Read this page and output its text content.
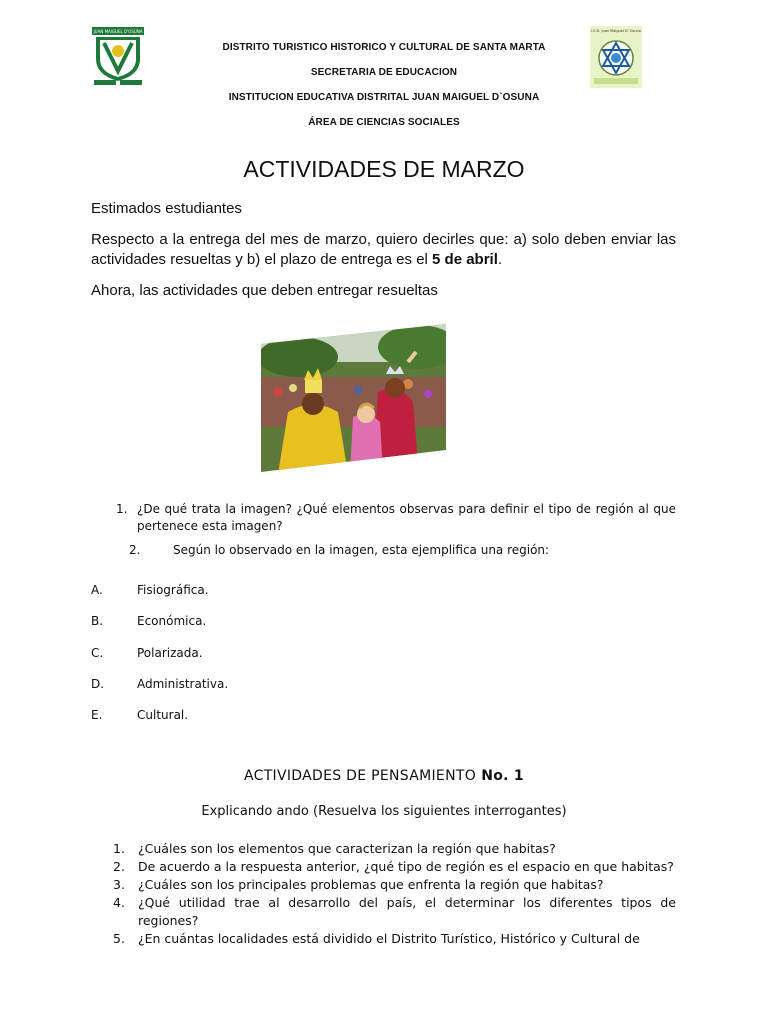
JUAN MAIGUEL D'OSUNA	I.E.D. Juan Maiguel D' Osuna
DISTRITO TURISTICO HISTORICO Y CULTURAL DE SANTA MARTA
SECRETARIA DE EDUCACION
INSTITUCION EDUCATIVA DISTRITAL JUAN MAIGUEL D`OSUNA
ÁREA DE CIENCIAS SOCIALES
ACTIVIDADES DE MARZO
Estimados estudiantes
Respecto a la entrega del mes de marzo, quiero decirles que: a) solo deben enviar las actividades resueltas y b) el plazo de entrega es el 5 de abril.
Ahora, las actividades que deben entregar resueltas
1. ¿De qué trata la imagen? ¿Qué elementos observas para definir el tipo de región al que pertenece esta imagen?
2.	Según lo observado en la imagen, esta ejemplifica una región:
A.	Fisiográfica.
B.	Económica.
C.	Polarizada.
D.	Administrativa.
E.	Cultural.
ACTIVIDADES DE PENSAMIENTO No. 1
Explicando ando (Resuelva los siguientes interrogantes)
1. ¿Cuáles son los elementos que caracterizan la región que habitas?
2. De acuerdo a la respuesta anterior, ¿qué tipo de región es el espacio en que habitas?
3. ¿Cuáles son los principales problemas que enfrenta la región que habitas?
4. ¿Qué utilidad trae al desarrollo del país, el determinar los diferentes tipos de regiones?
5. ¿En cuántas localidades está dividido el Distrito Turístico, Histórico y Cultural de
